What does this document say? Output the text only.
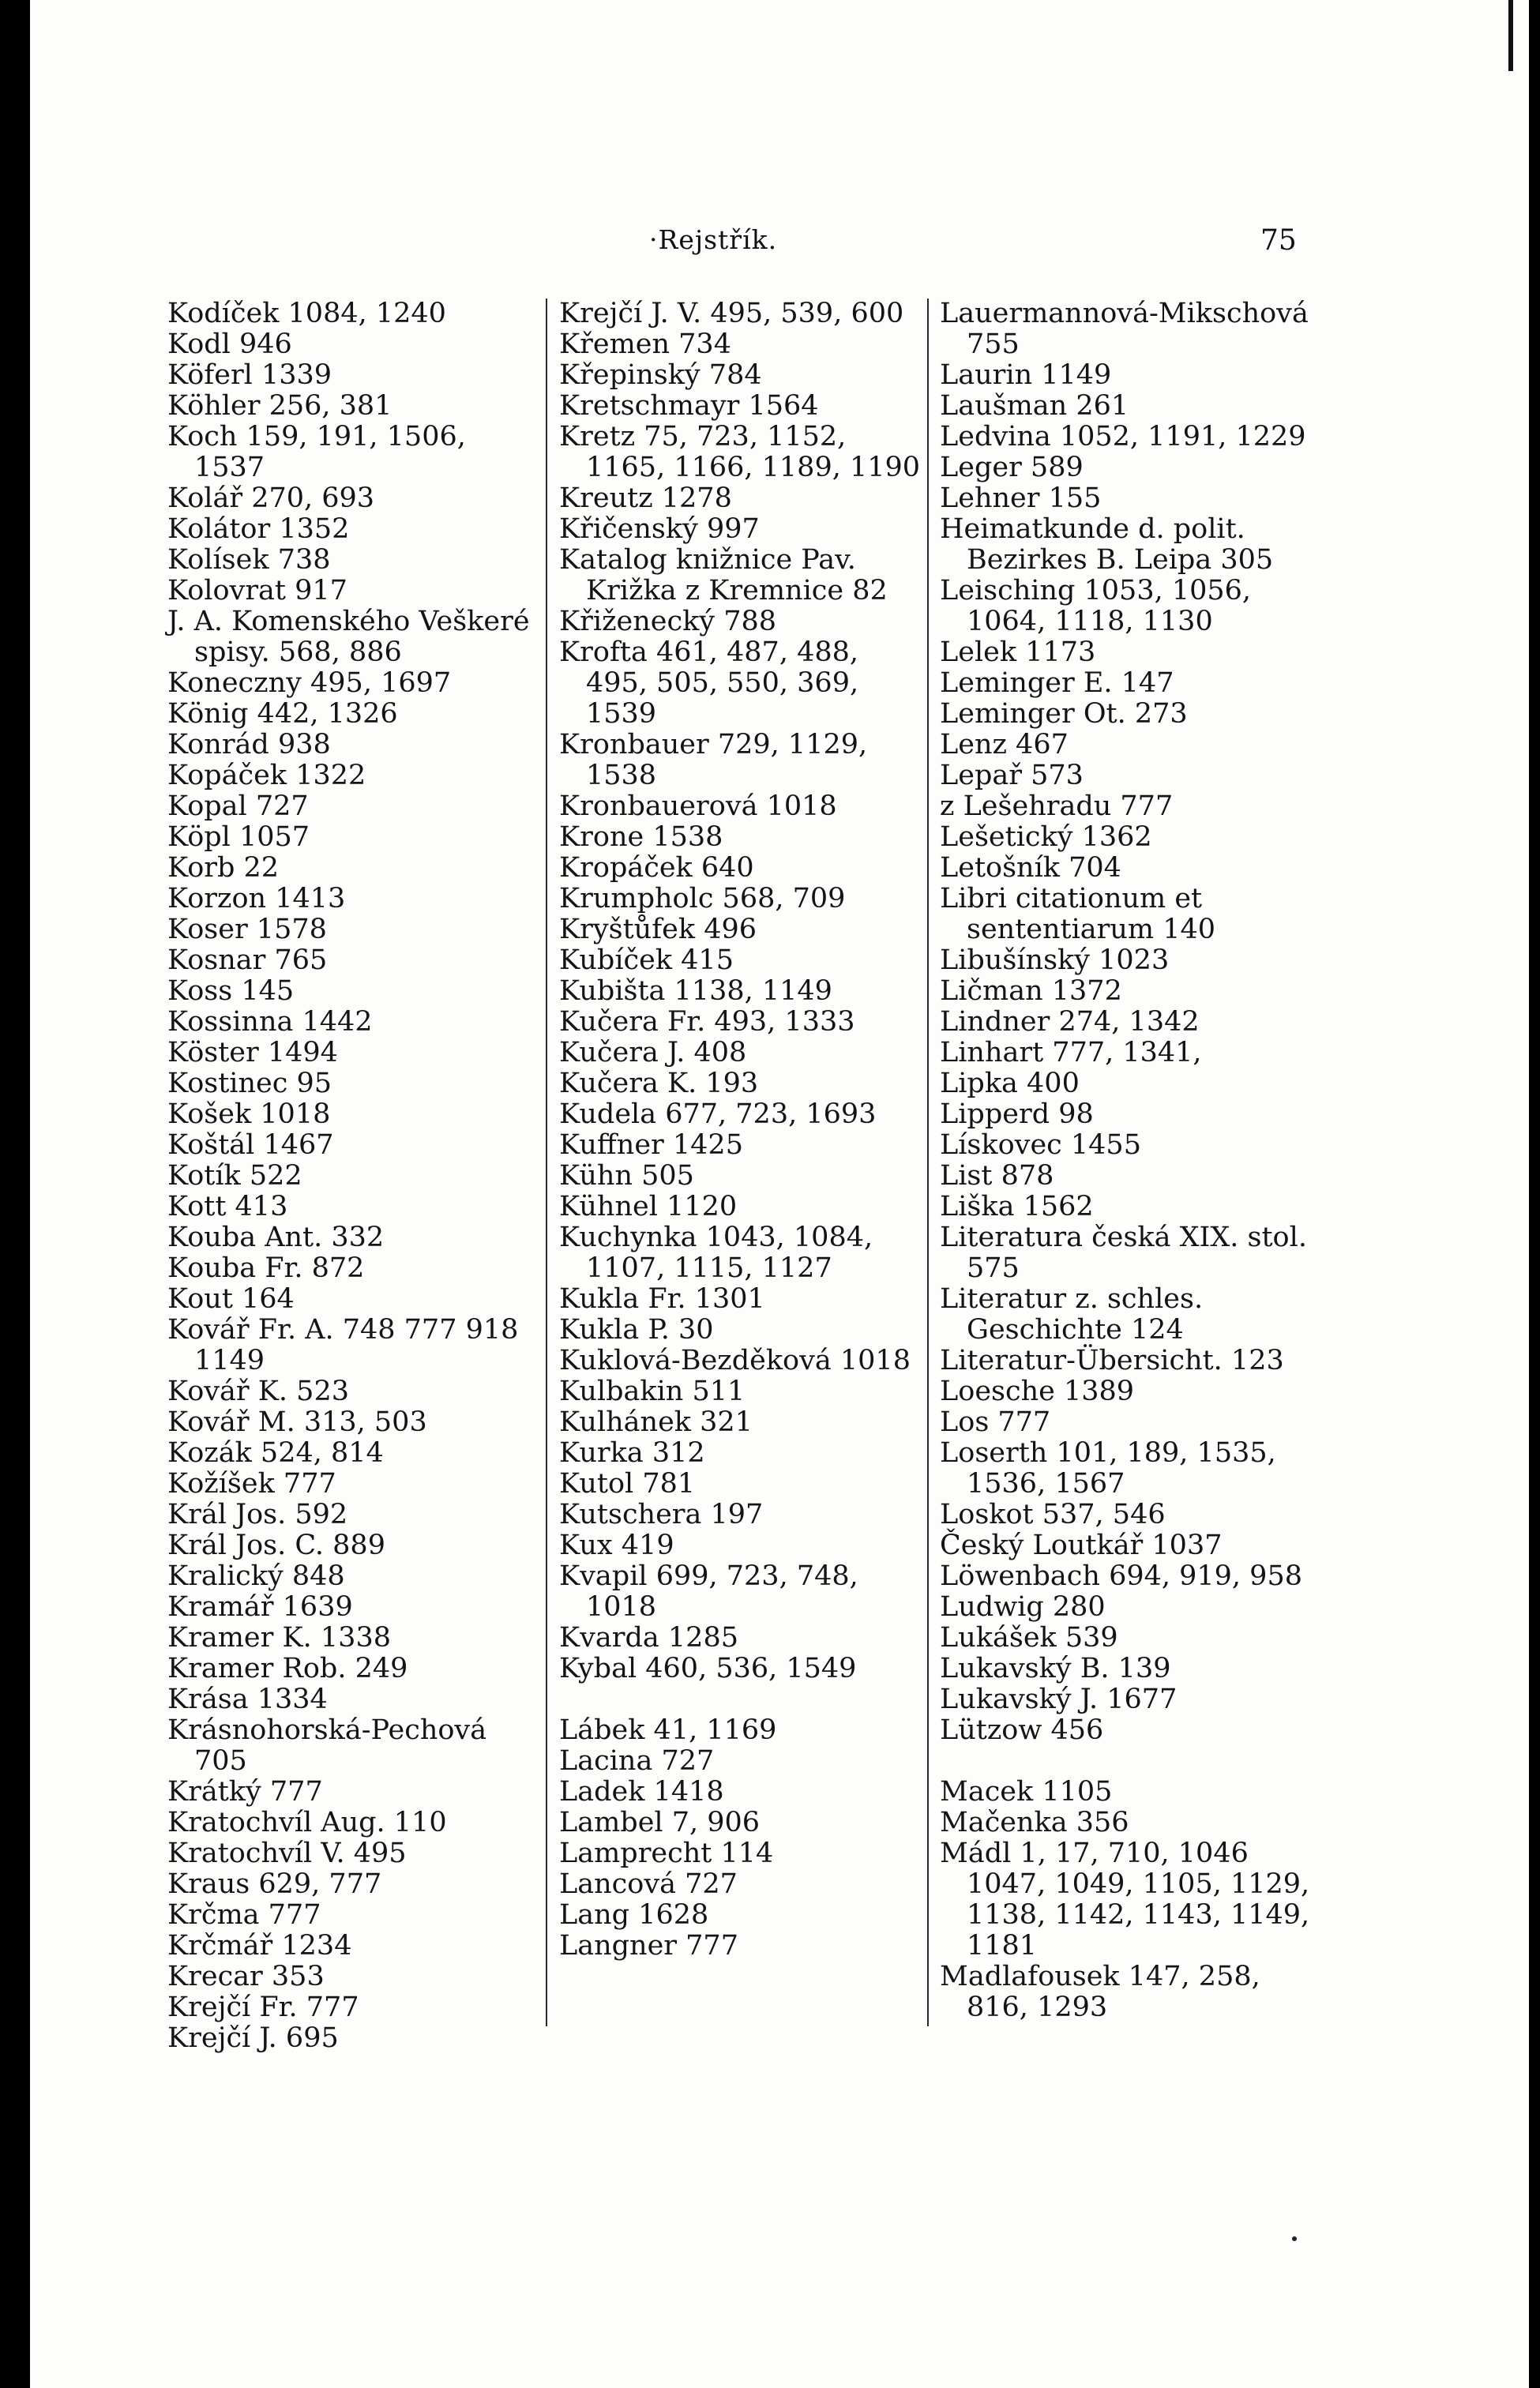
·Rejstřík.	75
Kodíček 1084, 1240
Kodl 946
Köferl 1339
Köhler 256, 381
Koch 159, 191, 1506, 1537
Kolář 270, 693
Kolátor 1352
Kolísek 738
Kolovrat 917
J. A. Komenského Veškeré spisy. 568, 886
Koneczny 495, 1697
König 442, 1326
Konrád 938
Kopáček 1322
Kopal 727
Köpl 1057
Korb 22
Korzon 1413
Koser 1578
Kosnar 765
Koss 145
Kossinna 1442
Köster 1494
Kostinec 95
Košek 1018
Koštál 1467
Kotík 522
Kott 413
Kouba Ant. 332
Kouba Fr. 872
Kout 164
Kovář Fr. A. 748 777 918 1149
Kovář K. 523
Kovář M. 313, 503
Kozák 524, 814
Kožíšek 777
Král Jos. 592
Král Jos. C. 889
Kralický 848
Kramář 1639
Kramer K. 1338
Kramer Rob. 249
Krása 1334
Krásnohorská-Pechová 705
Krátký 777
Kratochvíl Aug. 110
Kratochvíl V. 495
Kraus 629, 777
Krčma 777
Krčmář 1234
Krecar 353
Krejčí Fr. 777
Krejčí J. 695
Krejčí J. V. 495, 539, 600
Křemen 734
Křepinský 784
Kretschmayr 1564
Kretz 75, 723, 1152, 1165, 1166, 1189, 1190
Kreutz 1278
Křičenský 997
Katalog knižnice Pav. Križka z Kremnice 82
Křiženecký 788
Krofta 461, 487, 488, 495, 505, 550, 369, 1539
Kronbauer 729, 1129, 1538
Kronbauerová 1018
Krone 1538
Kropáček 640
Krumpholc 568, 709
Kryštůfek 496
Kubíček 415
Kubišta 1138, 1149
Kučera Fr. 493, 1333
Kučera J. 408
Kučera K. 193
Kudela 677, 723, 1693
Kuffner 1425
Kühn 505
Kühnel 1120
Kuchynka 1043, 1084, 1107, 1115, 1127
Kukla Fr. 1301
Kukla P. 30
Kuklová-Bezděková 1018
Kulbakin 511
Kulhánek 321
Kurka 312
Kutol 781
Kutschera 197
Kux 419
Kvapil 699, 723, 748, 1018
Kvarda 1285
Kybal 460, 536, 1549
Lábek 41, 1169
Lacina 727
Ladek 1418
Lambel 7, 906
Lamprecht 114
Lancová 727
Lang 1628
Langner 777
Lauermannová-Mikschová 755
Laurin 1149
Laušman 261
Ledvina 1052, 1191, 1229
Leger 589
Lehner 155
Heimatkunde d. polit. Bezirkes B. Leipa 305
Leisching 1053, 1056, 1064, 1118, 1130
Lelek 1173
Leminger E. 147
Leminger Ot. 273
Lenz 467
Lepař 573
z Lešehradu 777
Lešetický 1362
Letošník 704
Libri citationum et sententiarum 140
Libušínský 1023
Ličman 1372
Lindner 274, 1342
Linhart 777, 1341,
Lipka 400
Lipperd 98
Lískovec 1455
List 878
Liška 1562
Literatura česká XIX. stol. 575
Literatur z. schles. Geschichte 124
Literatur-Übersicht. 123
Loesche 1389
Los 777
Loserth 101, 189, 1535, 1536, 1567
Loskot 537, 546
Český Loutkář 1037
Löwenbach 694, 919, 958
Ludwig 280
Lukášek 539
Lukavský B. 139
Lukavský J. 1677
Lützow 456
Macek 1105
Mačenka 356
Mádl 1, 17, 710, 1046 1047, 1049, 1105, 1129, 1138, 1142, 1143, 1149, 1181
Madlafousek 147, 258, 816, 1293
